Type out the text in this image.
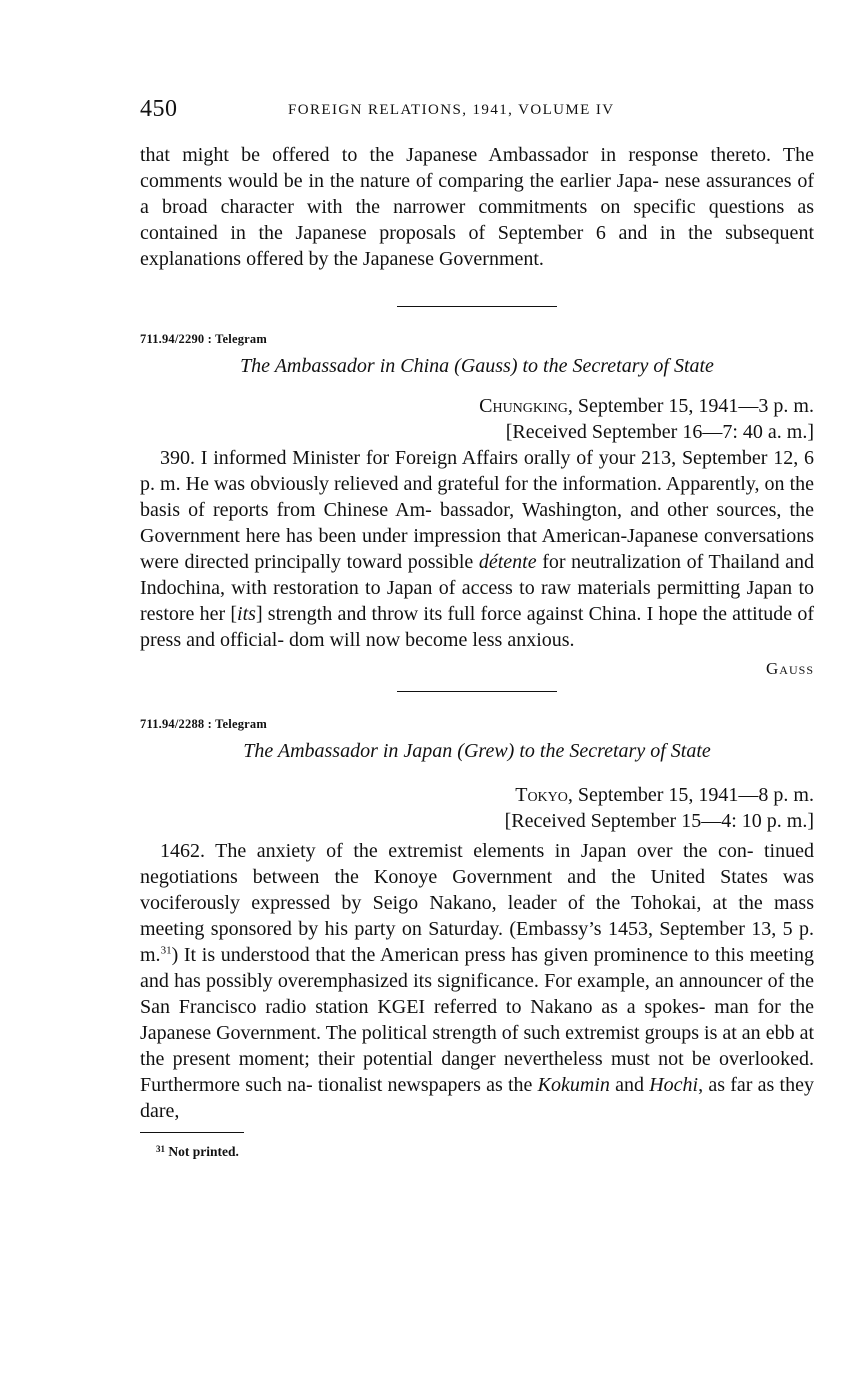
450	FOREIGN RELATIONS, 1941, VOLUME IV

that might be offered to the Japanese Ambassador in response thereto. The comments would be in the nature of comparing the earlier Japa- nese assurances of a broad character with the narrower commitments on specific questions as contained in the Japanese proposals of September 6 and in the subsequent explanations offered by the Japanese Government.

711.94/2290 : Telegram

The Ambassador in China (Gauss) to the Secretary of State

Chungking, September 15, 1941—3 p. m.

[Received September 16—7: 40 a. m.]

390. I informed Minister for Foreign Affairs orally of your 213, September 12, 6 p. m. He was obviously relieved and grateful for the information. Apparently, on the basis of reports from Chinese Am- bassador, Washington, and other sources, the Government here has been under impression that American-Japanese conversations were directed principally toward possible détente for neutralization of Thailand and Indochina, with restoration to Japan of access to raw materials permitting Japan to restore her [its] strength and throw its full force against China. I hope the attitude of press and official- dom will now become less anxious.

Gauss

711.94/2288 : Telegram

The Ambassador in Japan (Grew) to the Secretary of State

Tokyo, September 15, 1941—8 p. m.

[Received September 15—4: 10 p. m.]

1462. The anxiety of the extremist elements in Japan over the con- tinued negotiations between the Konoye Government and the United States was vociferously expressed by Seigo Nakano, leader of the Tohokai, at the mass meeting sponsored by his party on Saturday. (Embassy’s 1453, September 13, 5 p. m.$^{31}$) It is understood that the American press has given prominence to this meeting and has possibly overemphasized its significance. For example, an announcer of the San Francisco radio station KGEI referred to Nakano as a spokes- man for the Japanese Government. The political strength of such extremist groups is at an ebb at the present moment; their potential danger nevertheless must not be overlooked. Furthermore such na- tionalist newspapers as the Kokumin and Hochi, as far as they dare,

$^{31}$ Not printed.
